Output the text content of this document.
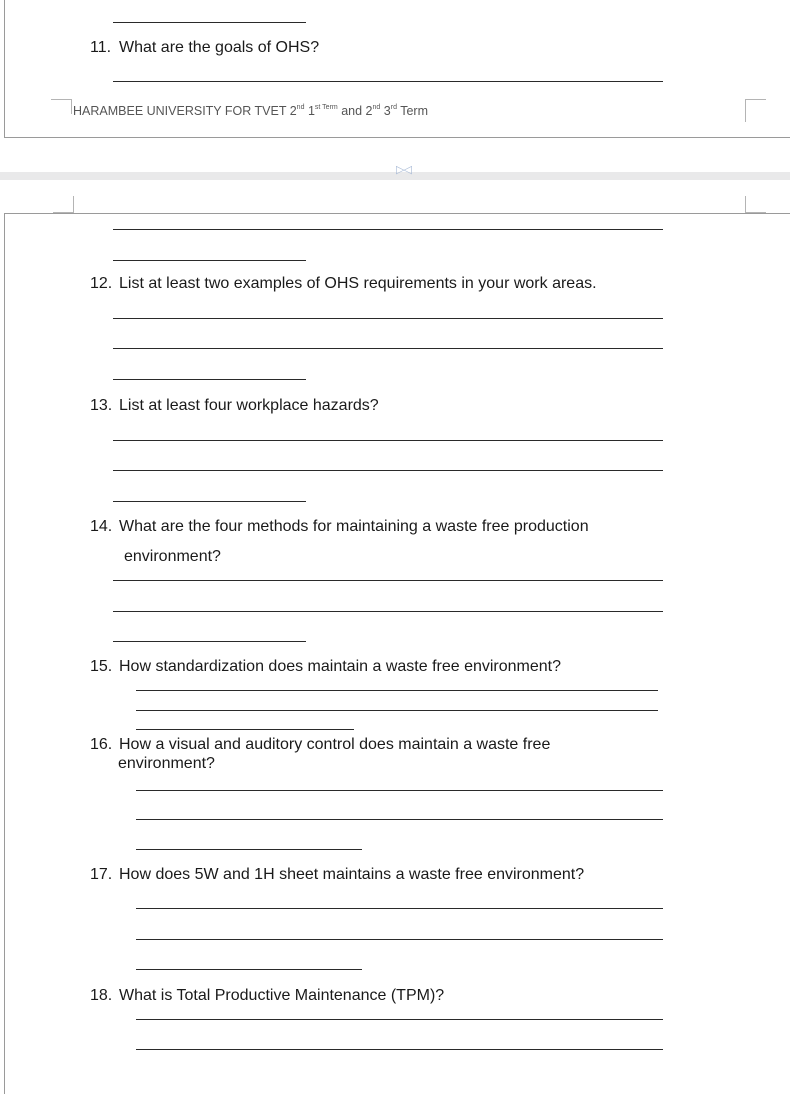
11. What are the goals of OHS?
HARAMBEE UNIVERSITY FOR TVET 2nd $1^{st Term}$ and 2nd 3rd Term
▷◁
12. List at least two examples of OHS requirements in your work areas.
13. List at least four workplace hazards?
14. What are the four methods for maintaining a waste free production
environment?
15. How standardization does maintain a waste free environment?
16. How a visual and auditory control does maintain a waste free
environment?
17. How does 5W and 1H sheet maintains a waste free environment?
18. What is Total Productive Maintenance (TPM)?
